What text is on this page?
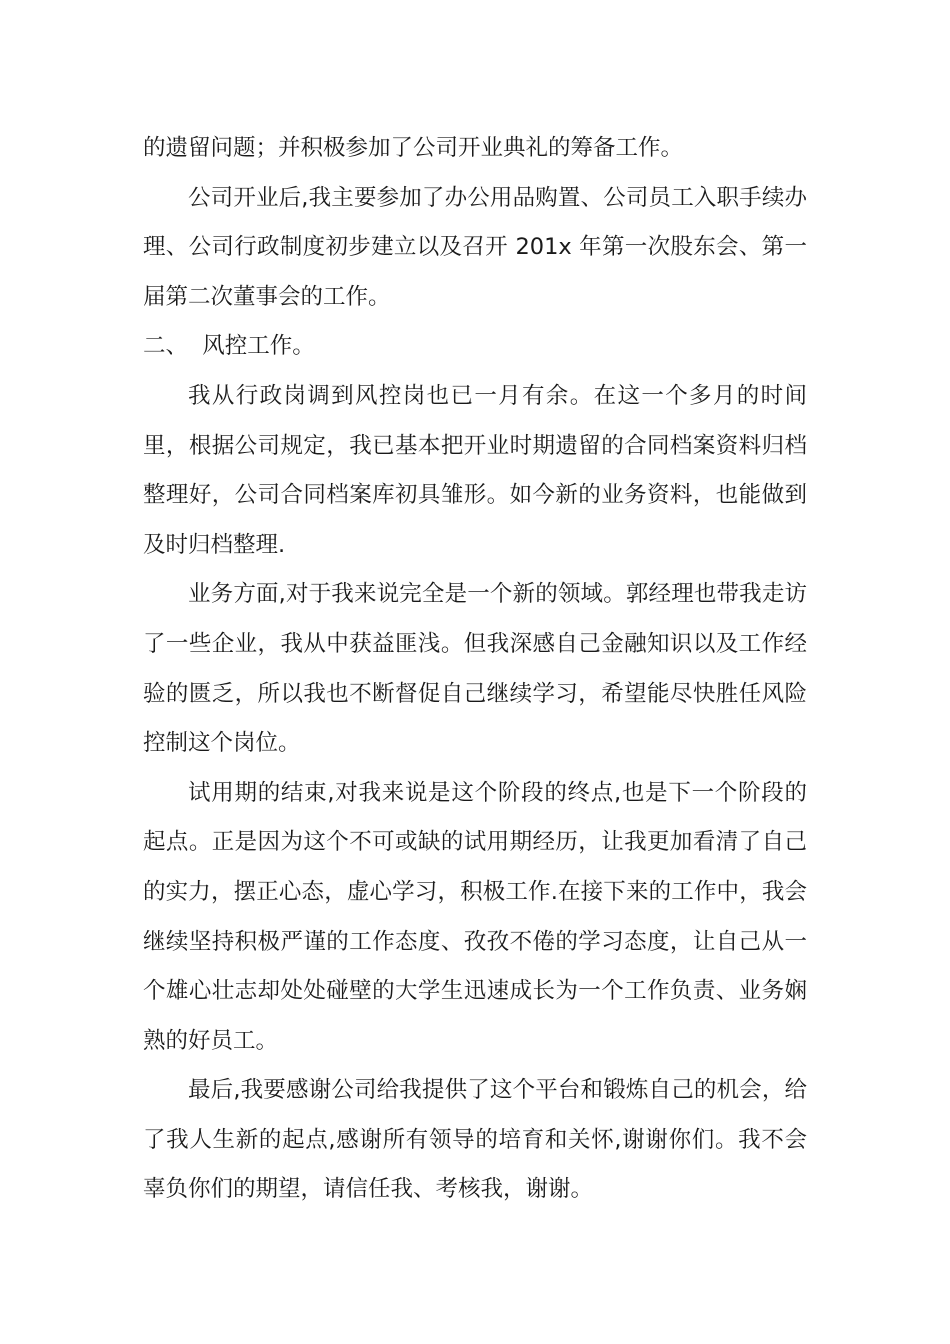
的遗留问题；并积极参加了公司开业典礼的筹备工作。

公司开业后,我主要参加了办公用品购置、公司员工入职手续办理、公司行政制度初步建立以及召开 201x 年第一次股东会、第一届第二次董事会的工作。

二、  风控工作。

我从行政岗调到风控岗也已一月有余。在这一个多月的时间里，根据公司规定，我已基本把开业时期遗留的合同档案资料归档整理好，公司合同档案库初具雏形。如今新的业务资料，也能做到及时归档整理.

业务方面,对于我来说完全是一个新的领域。郭经理也带我走访了一些企业，我从中获益匪浅。但我深感自己金融知识以及工作经验的匮乏，所以我也不断督促自己继续学习，希望能尽快胜任风险控制这个岗位。

试用期的结束,对我来说是这个阶段的终点,也是下一个阶段的起点。正是因为这个不可或缺的试用期经历，让我更加看清了自己的实力，摆正心态，虚心学习，积极工作.在接下来的工作中，我会继续坚持积极严谨的工作态度、孜孜不倦的学习态度，让自己从一个雄心壮志却处处碰壁的大学生迅速成长为一个工作负责、业务娴熟的好员工。

最后,我要感谢公司给我提供了这个平台和锻炼自己的机会，给了我人生新的起点,感谢所有领导的培育和关怀,谢谢你们。我不会辜负你们的期望，请信任我、考核我，谢谢。
